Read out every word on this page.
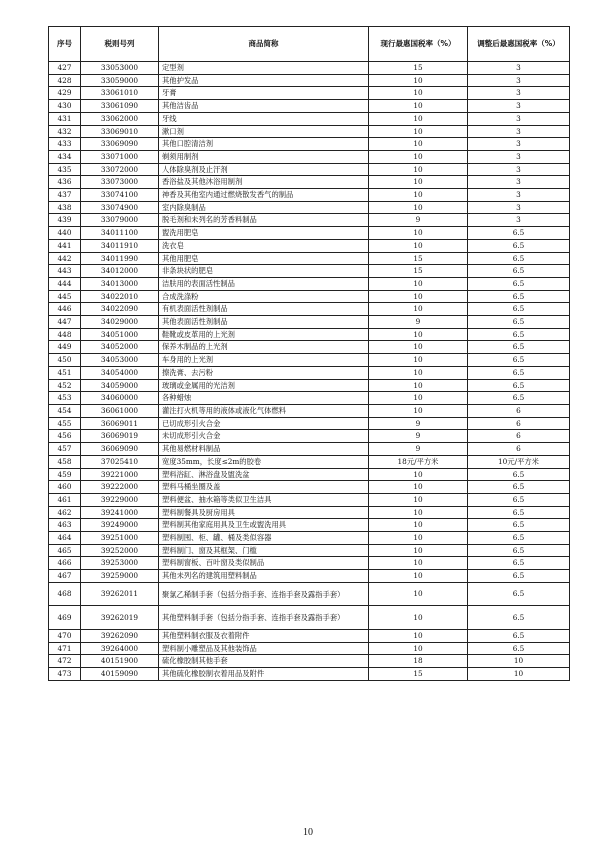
序号	税则号列	商品简称	现行最惠国税率（%）	调整后最惠国税率（%）
427	33053000	定型剂	15	3
428	33059000	其他护发品	10	3
429	33061010	牙膏	10	3
430	33061090	其他洁齿品	10	3
431	33062000	牙线	10	3
432	33069010	漱口剂	10	3
433	33069090	其他口腔清洁剂	10	3
434	33071000	剃须用制剂	10	3
435	33072000	人体除臭剂及止汗剂	10	3
436	33073000	香浴盐及其他沐浴用制剂	10	3
437	33074100	神香及其他室内通过燃烧散发香气的制品	10	3
438	33074900	室内除臭制品	10	3
439	33079000	脱毛剂和未列名的芳香料制品	9	3
440	34011100	盥洗用肥皂	10	6.5
441	34011910	洗衣皂	10	6.5
442	34011990	其他用肥皂	15	6.5
443	34012000	非条块状的肥皂	15	6.5
444	34013000	洁肤用的表面活性制品	10	6.5
445	34022010	合成洗涤粉	10	6.5
446	34022090	有机表面活性剂制品	10	6.5
447	34029000	其他表面活性剂制品	9	6.5
448	34051000	鞋靴或皮革用的上光剂	10	6.5
449	34052000	保养木制品的上光剂	10	6.5
450	34053000	车身用的上光剂	10	6.5
451	34054000	擦洗膏、去污粉	10	6.5
452	34059000	玻璃或金属用的光洁剂	10	6.5
453	34060000	各种蜡烛	10	6.5
454	36061000	灌注打火机等用的液体或液化气体燃料	10	6
455	36069011	已切成形引火合金	9	6
456	36069019	未切成形引火合金	9	6
457	36069090	其他易燃材料制品	9	6
458	37025410	宽度35mm，长度≤2m的胶卷	18元/平方米	10元/平方米
459	39221000	塑料浴缸、淋浴盘及盥洗盆	10	6.5
460	39222000	塑料马桶坐圈及盖	10	6.5
461	39229000	塑料便盆、抽水箱等类似卫生洁具	10	6.5
462	39241000	塑料制餐具及厨房用具	10	6.5
463	39249000	塑料制其他家庭用具及卫生或盥洗用具	10	6.5
464	39251000	塑料制囤、柜、罐、桶及类似容器	10	6.5
465	39252000	塑料制门、窗及其框架、门槛	10	6.5
466	39253000	塑料制窗板、百叶窗及类似制品	10	6.5
467	39259000	其他未列名的建筑用塑料制品	10	6.5
468	39262011	聚氯乙稀制手套（包括分指手套、连指手套及露指手套）	10	6.5
469	39262019	其他塑料制手套（包括分指手套、连指手套及露指手套）	10	6.5
470	39262090	其他塑料制衣服及衣着附件	10	6.5
471	39264000	塑料制小雕塑品及其他装饰品	10	6.5
472	40151900	硫化橡胶制其他手套	18	10
473	40159090	其他硫化橡胶制衣着用品及附件	15	10
10
